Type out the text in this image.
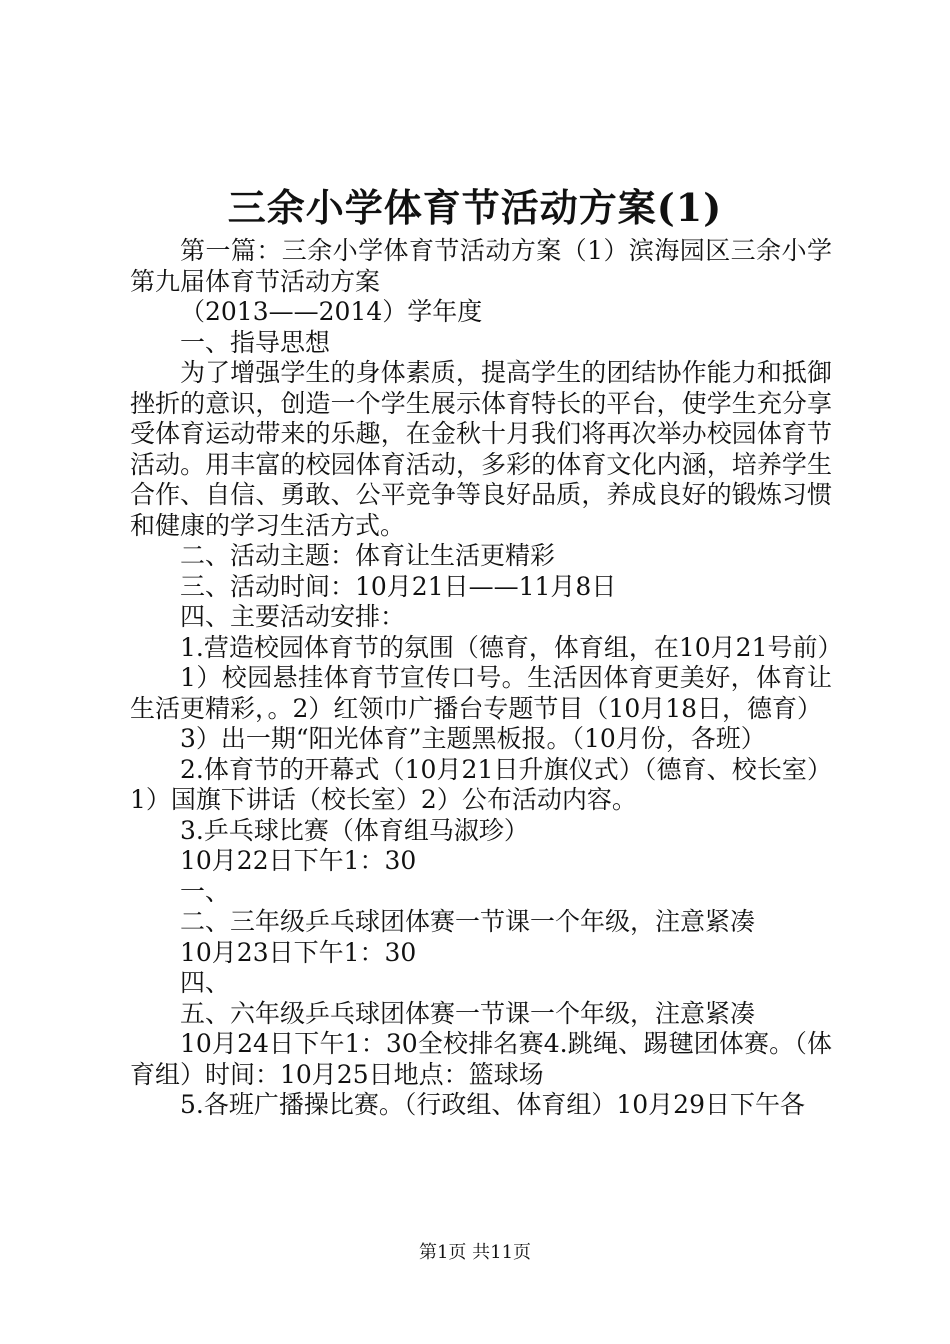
三余小学体育节活动方案(1)

第一篇：三余小学体育节活动方案（1）滨海园区三余小学第九届体育节活动方案

（2013——2014）学年度

一、指导思想

为了增强学生的身体素质，提高学生的团结协作能力和抵御挫折的意识，创造一个学生展示体育特长的平台，使学生充分享受体育运动带来的乐趣，在金秋十月我们将再次举办校园体育节活动。用丰富的校园体育活动，多彩的体育文化内涵，培养学生合作、自信、勇敢、公平竞争等良好品质，养成良好的锻炼习惯和健康的学习生活方式。

二、活动主题：体育让生活更精彩

三、活动时间：10月21日——11月8日

四、主要活动安排：

1.营造校园体育节的氛围（德育，体育组，在10月21号前）

1）校园悬挂体育节宣传口号。生活因体育更美好，体育让生活更精彩，。2）红领巾广播台专题节目（10月18日，德育）

3）出一期“阳光体育”主题黑板报。（10月份，各班）

2.体育节的开幕式（10月21日升旗仪式）（德育、校长室）1）国旗下讲话（校长室）2）公布活动内容。

3.乒乓球比赛（体育组马淑珍）

10月22日下午1：30

一、

二、三年级乒乓球团体赛一节课一个年级，注意紧凑

10月23日下午1：30

四、

五、六年级乒乓球团体赛一节课一个年级，注意紧凑

10月24日下午1：30全校排名赛4.跳绳、踢毽团体赛。（体育组）时间：10月25日地点：篮球场

5.各班广播操比赛。（行政组、体育组）10月29日下午各

第1页 共11页
